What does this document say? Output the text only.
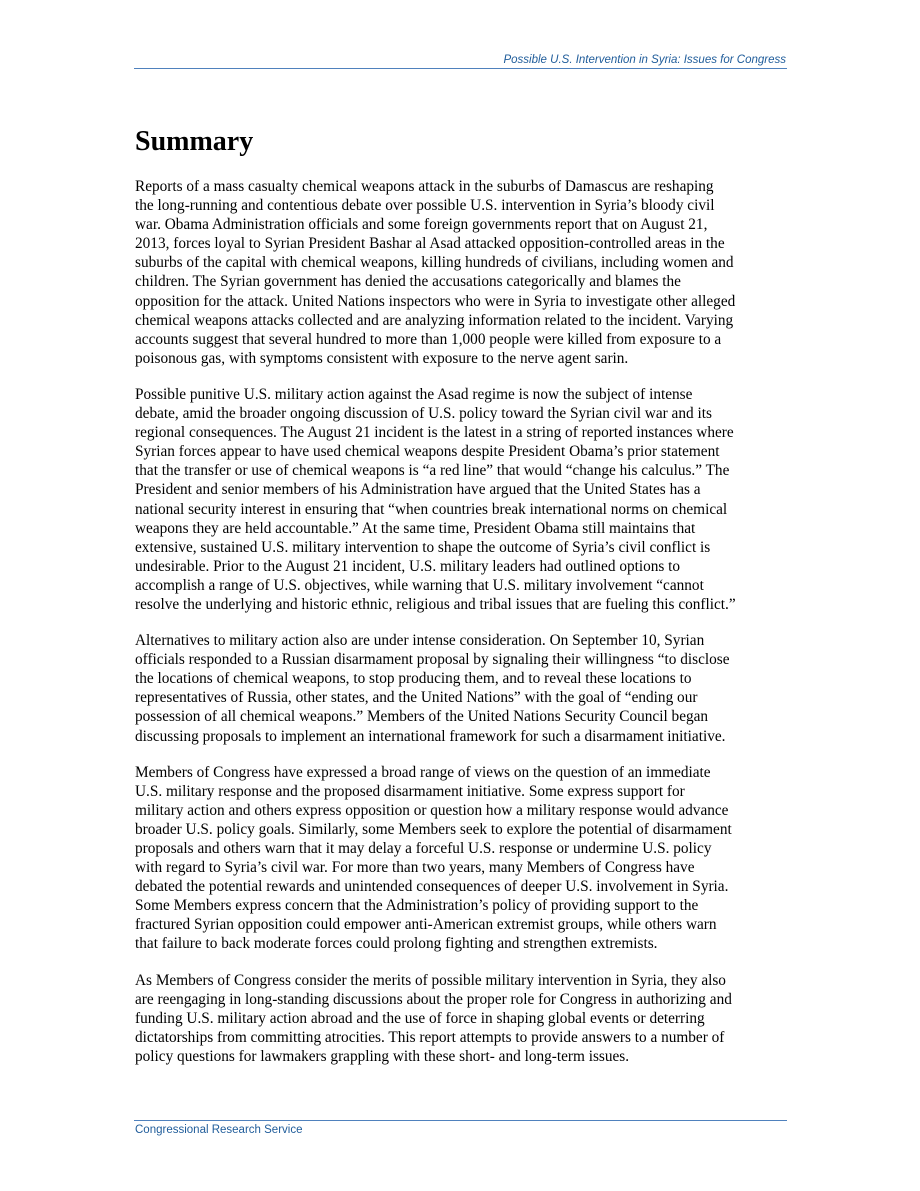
Possible U.S. Intervention in Syria: Issues for Congress
Summary

Reports of a mass casualty chemical weapons attack in the suburbs of Damascus are reshaping
the long-running and contentious debate over possible U.S. intervention in Syria’s bloody civil
war. Obama Administration officials and some foreign governments report that on August 21,
2013, forces loyal to Syrian President Bashar al Asad attacked opposition-controlled areas in the
suburbs of the capital with chemical weapons, killing hundreds of civilians, including women and
children. The Syrian government has denied the accusations categorically and blames the
opposition for the attack. United Nations inspectors who were in Syria to investigate other alleged
chemical weapons attacks collected and are analyzing information related to the incident. Varying
accounts suggest that several hundred to more than 1,000 people were killed from exposure to a
poisonous gas, with symptoms consistent with exposure to the nerve agent sarin.

Possible punitive U.S. military action against the Asad regime is now the subject of intense
debate, amid the broader ongoing discussion of U.S. policy toward the Syrian civil war and its
regional consequences. The August 21 incident is the latest in a string of reported instances where
Syrian forces appear to have used chemical weapons despite President Obama’s prior statement
that the transfer or use of chemical weapons is “a red line” that would “change his calculus.” The
President and senior members of his Administration have argued that the United States has a
national security interest in ensuring that “when countries break international norms on chemical
weapons they are held accountable.” At the same time, President Obama still maintains that
extensive, sustained U.S. military intervention to shape the outcome of Syria’s civil conflict is
undesirable. Prior to the August 21 incident, U.S. military leaders had outlined options to
accomplish a range of U.S. objectives, while warning that U.S. military involvement “cannot
resolve the underlying and historic ethnic, religious and tribal issues that are fueling this conflict.”

Alternatives to military action also are under intense consideration. On September 10, Syrian
officials responded to a Russian disarmament proposal by signaling their willingness “to disclose
the locations of chemical weapons, to stop producing them, and to reveal these locations to
representatives of Russia, other states, and the United Nations” with the goal of “ending our
possession of all chemical weapons.” Members of the United Nations Security Council began
discussing proposals to implement an international framework for such a disarmament initiative.

Members of Congress have expressed a broad range of views on the question of an immediate
U.S. military response and the proposed disarmament initiative. Some express support for
military action and others express opposition or question how a military response would advance
broader U.S. policy goals. Similarly, some Members seek to explore the potential of disarmament
proposals and others warn that it may delay a forceful U.S. response or undermine U.S. policy
with regard to Syria’s civil war. For more than two years, many Members of Congress have
debated the potential rewards and unintended consequences of deeper U.S. involvement in Syria.
Some Members express concern that the Administration’s policy of providing support to the
fractured Syrian opposition could empower anti-American extremist groups, while others warn
that failure to back moderate forces could prolong fighting and strengthen extremists.

As Members of Congress consider the merits of possible military intervention in Syria, they also
are reengaging in long-standing discussions about the proper role for Congress in authorizing and
funding U.S. military action abroad and the use of force in shaping global events or deterring
dictatorships from committing atrocities. This report attempts to provide answers to a number of
policy questions for lawmakers grappling with these short- and long-term issues.

Congressional Research Service
